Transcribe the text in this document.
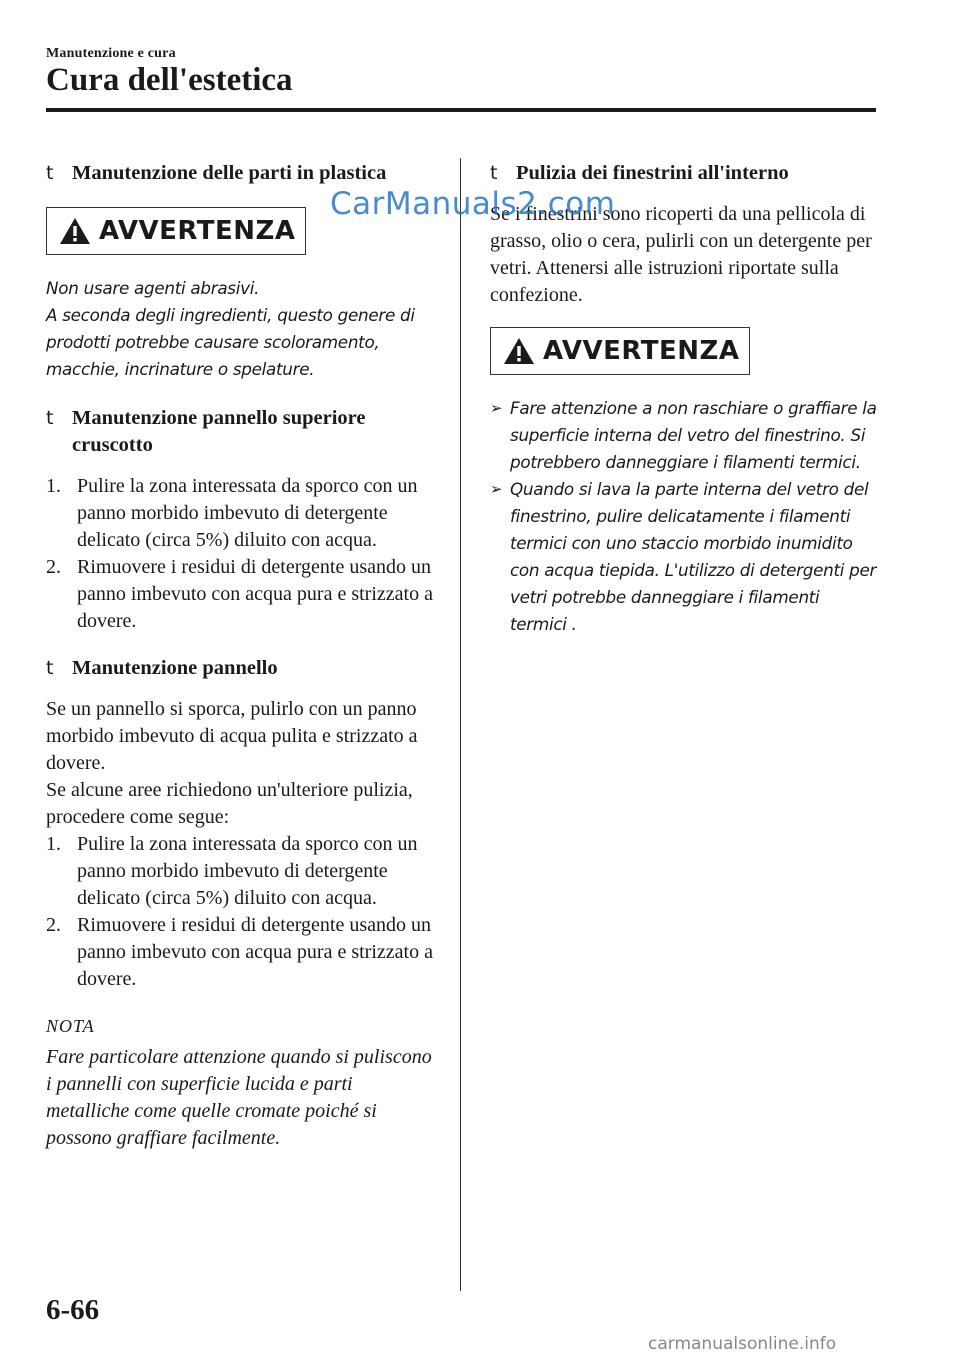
Manutenzione e cura
Cura dell'estetica
t Manutenzione delle parti in plastica
AVVERTENZA

Non usare agenti abrasivi.
A seconda degli ingredienti, questo genere di prodotti potrebbe causare scoloramento, macchie, incrinature o spelature.

t Manutenzione pannello superiore cruscotto
1. Pulire la zona interessata da sporco con un panno morbido imbevuto di detergente delicato (circa 5%) diluito con acqua.
2. Rimuovere i residui di detergente usando un panno imbevuto con acqua pura e strizzato a dovere.
t Manutenzione pannello

Se un pannello si sporca, pulirlo con un panno morbido imbevuto di acqua pulita e strizzato a dovere.

Se alcune aree richiedono un'ulteriore pulizia, procedere come segue:

1. Pulire la zona interessata da sporco con un panno morbido imbevuto di detergente delicato (circa 5%) diluito con acqua.
2. Rimuovere i residui di detergente usando un panno imbevuto con acqua pura e strizzato a dovere.
NOTA

Fare particolare attenzione quando si puliscono i pannelli con superficie lucida e parti metalliche come quelle cromate poiché si possono graffiare facilmente.

t Pulizia dei finestrini all'interno

Se i finestrini sono ricoperti da una pellicola di grasso, olio o cera, pulirli con un detergente per vetri. Attenersi alle istruzioni riportate sulla confezione.

AVVERTENZA
➢ Fare attenzione a non raschiare o graffiare la superficie interna del vetro del finestrino. Si potrebbero danneggiare i filamenti termici.
➢ Quando si lava la parte interna del vetro del finestrino, pulire delicatamente i filamenti termici con uno staccio morbido inumidito con acqua tiepida. L'utilizzo di detergenti per vetri potrebbe danneggiare i filamenti termici .
CarManuals2.com
6-66
carmanualsonline.info
